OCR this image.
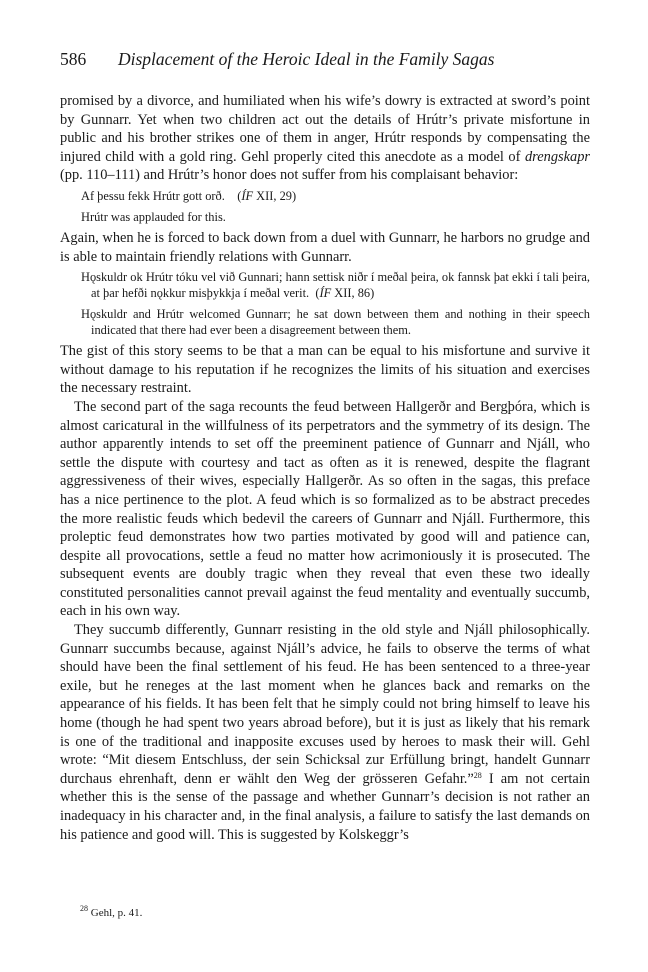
586 Displacement of the Heroic Ideal in the Family Sagas

promised by a divorce, and humiliated when his wife’s dowry is extracted at sword’s point by Gunnarr. Yet when two children act out the details of Hrútr’s private misfortune in public and his brother strikes one of them in anger, Hrútr responds by compensating the injured child with a gold ring. Gehl properly cited this anecdote as a model of drengskapr (pp. 110–111) and Hrútr’s honor does not suffer from his complaisant behavior:

Af þessu fekk Hrútr gott orð. (ÍF XII, 29)

Hrútr was applauded for this.

Again, when he is forced to back down from a duel with Gunnarr, he harbors no grudge and is able to maintain friendly relations with Gunnarr.

Hǫskuldr ok Hrútr tóku vel við Gunnari; hann settisk niðr í meðal þeira, ok fannsk þat ekki í tali þeira, at þar hefði nǫkkur misþykkja í meðal verit. (ÍF XII, 86)

Hǫskuldr and Hrútr welcomed Gunnarr; he sat down between them and nothing in their speech indicated that there had ever been a disagreement between them.

The gist of this story seems to be that a man can be equal to his misfortune and survive it without damage to his reputation if he recognizes the limits of his situation and exercises the necessary restraint.

The second part of the saga recounts the feud between Hallgerðr and Bergþóra, which is almost caricatural in the willfulness of its perpetrators and the symmetry of its design. The author apparently intends to set off the preeminent patience of Gunnarr and Njáll, who settle the dispute with courtesy and tact as often as it is renewed, despite the flagrant aggressiveness of their wives, especially Hallgerðr. As so often in the sagas, this preface has a nice pertinence to the plot. A feud which is so formalized as to be abstract precedes the more realistic feuds which bedevil the careers of Gunnarr and Njáll. Furthermore, this proleptic feud demonstrates how two parties motivated by good will and patience can, despite all provocations, settle a feud no matter how acrimoniously it is prosecuted. The subsequent events are doubly tragic when they reveal that even these two ideally constituted personalities cannot prevail against the feud mentality and eventually succumb, each in his own way.

They succumb differently, Gunnarr resisting in the old style and Njáll philosophically. Gunnarr succumbs because, against Njáll’s advice, he fails to observe the terms of what should have been the final settlement of his feud. He has been sentenced to a three-year exile, but he reneges at the last moment when he glances back and remarks on the appearance of his fields. It has been felt that he simply could not bring himself to leave his home (though he had spent two years abroad before), but it is just as likely that his remark is one of the traditional and inapposite excuses used by heroes to mask their will. Gehl wrote: “Mit diesem Entschluss, der sein Schicksal zur Erfüllung bringt, handelt Gunnarr durchaus ehrenhaft, denn er wählt den Weg der grösseren Gefahr.”$^{28}$ I am not certain whether this is the sense of the passage and whether Gunnarr’s decision is not rather an inadequacy in his character and, in the final analysis, a failure to satisfy the last demands on his patience and good will. This is suggested by Kolskeggr’s

$^{28}$ Gehl, p. 41.
